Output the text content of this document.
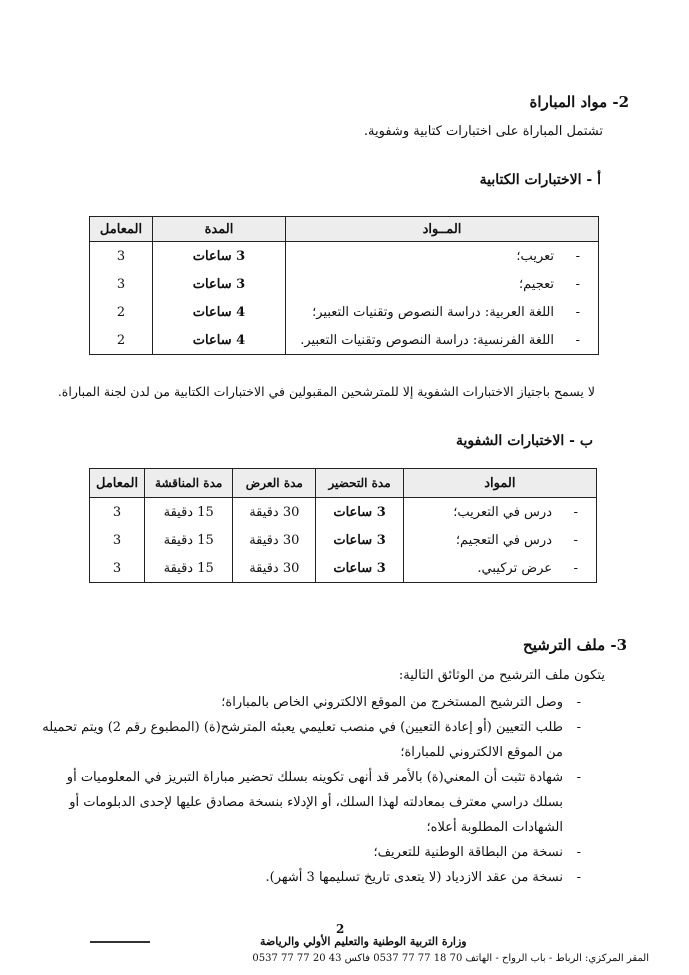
2- مواد المباراة
تشتمل المباراة على اختبارات كتابية وشفوية.
أ - الاختبارات الكتابية
المــواد	المدة	المعامل
-تعريب؛	3 ساعات	3
-تعجيم؛	3 ساعات	3
-اللغة العربية: دراسة النصوص وتقنيات التعبير؛	4 ساعات	2
-اللغة الفرنسية: دراسة النصوص وتقنيات التعبير.	4 ساعات	2
لا يسمح باجتياز الاختبارات الشفوية إلا للمترشحين المقبولين في الاختبارات الكتابية من لدن لجنة المباراة.
ب - الاختبارات الشفوية
المواد	مدة التحضير	مدة العرض	مدة المناقشة	المعامل
-درس في التعريب؛	3 ساعات	30 دقيقة	15 دقيقة	3
-درس في التعجيم؛	3 ساعات	30 دقيقة	15 دقيقة	3
-عرض تركيبي.	3 ساعات	30 دقيقة	15 دقيقة	3
3- ملف الترشيح
يتكون ملف الترشيح من الوثائق التالية:
-
وصل الترشيح المستخرج من الموقع الالكتروني الخاص بالمباراة؛
-
طلب التعيين (أو إعادة التعيين) في منصب تعليمي يعبئه المترشح(ة) (المطبوع رقم 2) ويتم تحميله من الموقع الالكتروني للمباراة؛
-
شهادة تثبت أن المعني(ة) بالأمر قد أنهى تكوينه بسلك تحضير مباراة التبريز في المعلوميات أو بسلك دراسي معترف بمعادلته لهذا السلك، أو الإدلاء بنسخة مصادق عليها لإحدى الدبلومات أو الشهادات المطلوبة أعلاه؛
-
نسخة من البطاقة الوطنية للتعريف؛
-
نسخة من عقد الازدياد (لا يتعدى تاريخ تسليمها 3 أشهر).
2
وزارة التربية الوطنية والتعليم الأولي والرياضة
المقر المركزي: الرباط - باب الرواح - الهاتف 70 18 77 77 0537 فاكس 43 20 77 77 0537
